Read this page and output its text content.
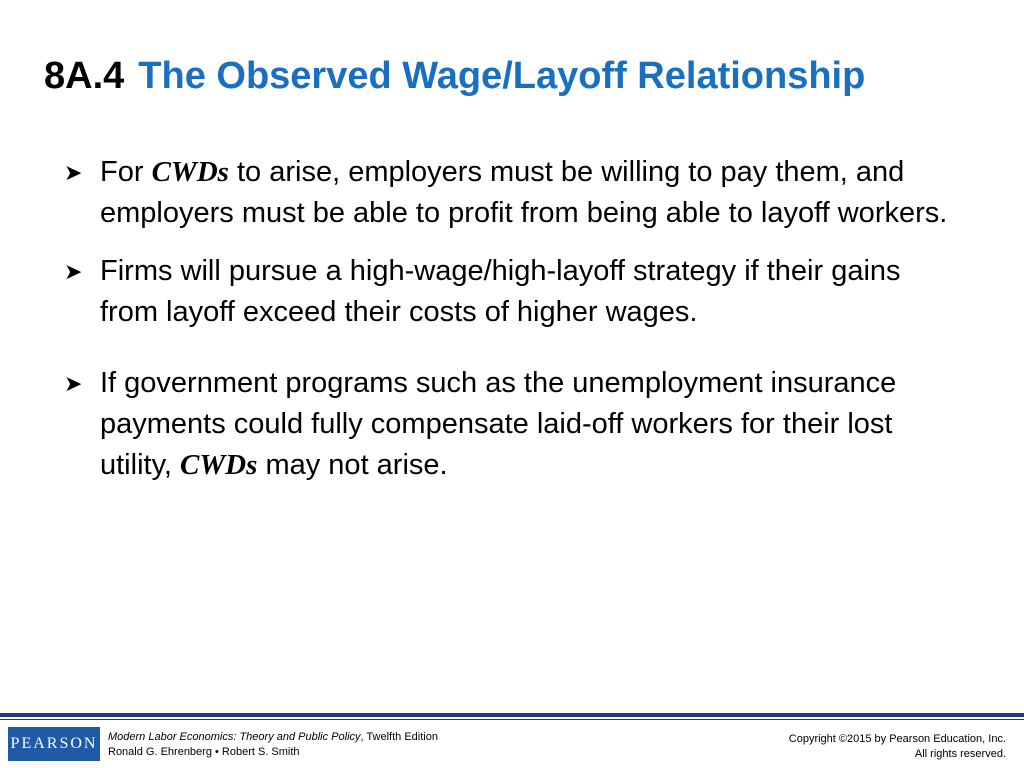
8A.4 The Observed Wage/Layoff Relationship
➤ For CWDs to arise, employers must be willing to pay them, and employers must be able to profit from being able to layoff workers.
➤ Firms will pursue a high-wage/high-layoff strategy if their gains from layoff exceed their costs of higher wages.
➤ If government programs such as the unemployment insurance payments could fully compensate laid-off workers for their lost utility, CWDs may not arise.
PEARSON Modern Labor Economics: Theory and Public Policy, Twelfth Edition
Ronald G. Ehrenberg • Robert S. Smith
Copyright ©2015 by Pearson Education, Inc.
All rights reserved.
